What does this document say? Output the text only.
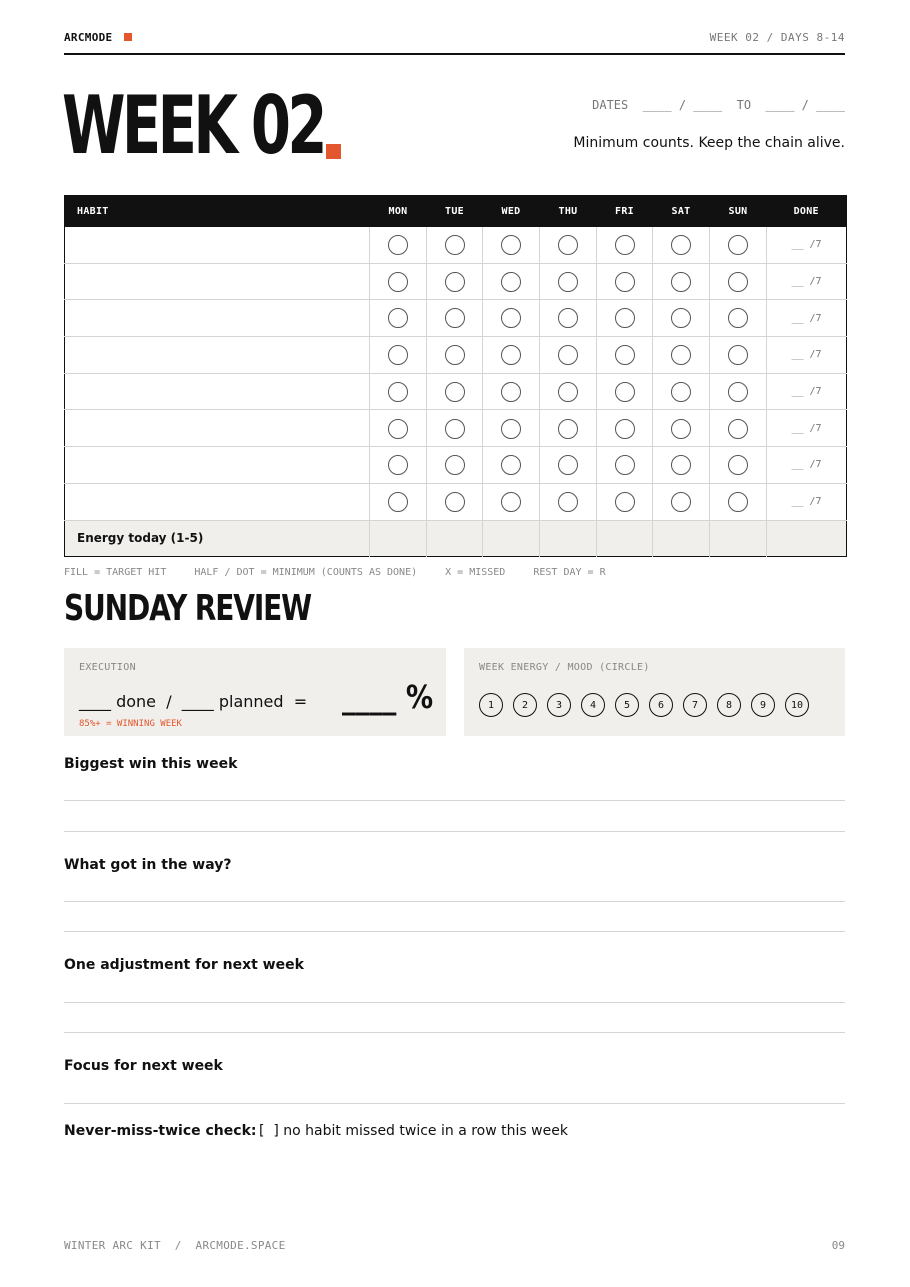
ARCMODE	WEEK 02 / DAYS 8-14
WEEK 02	DATES  ____ / ____  TO  ____ / ____
Minimum counts. Keep the chain alive.
HABIT	MON	TUE	WED	THU	FRI	SAT	SUN	DONE
								__ /7
								__ /7
								__ /7
								__ /7
								__ /7
								__ /7
								__ /7
								__ /7
Energy today (1-5)								
FILL = TARGET HIT	HALF / DOT = MINIMUM (COUNTS AS DONE)	X = MISSED	REST DAY = R
SUNDAY REVIEW
EXECUTION
____ done  /  ____ planned  = ____ %
85%+ = WINNING WEEK
WEEK ENERGY / MOOD (CIRCLE)
1	2	3	4	5	6	7	8	9	10
Biggest win this week
What got in the way?
One adjustment for next week
Focus for next week
Never-miss-twice check: [  ] no habit missed twice in a row this week
WINTER ARC KIT  /  ARCMODE.SPACE	09
